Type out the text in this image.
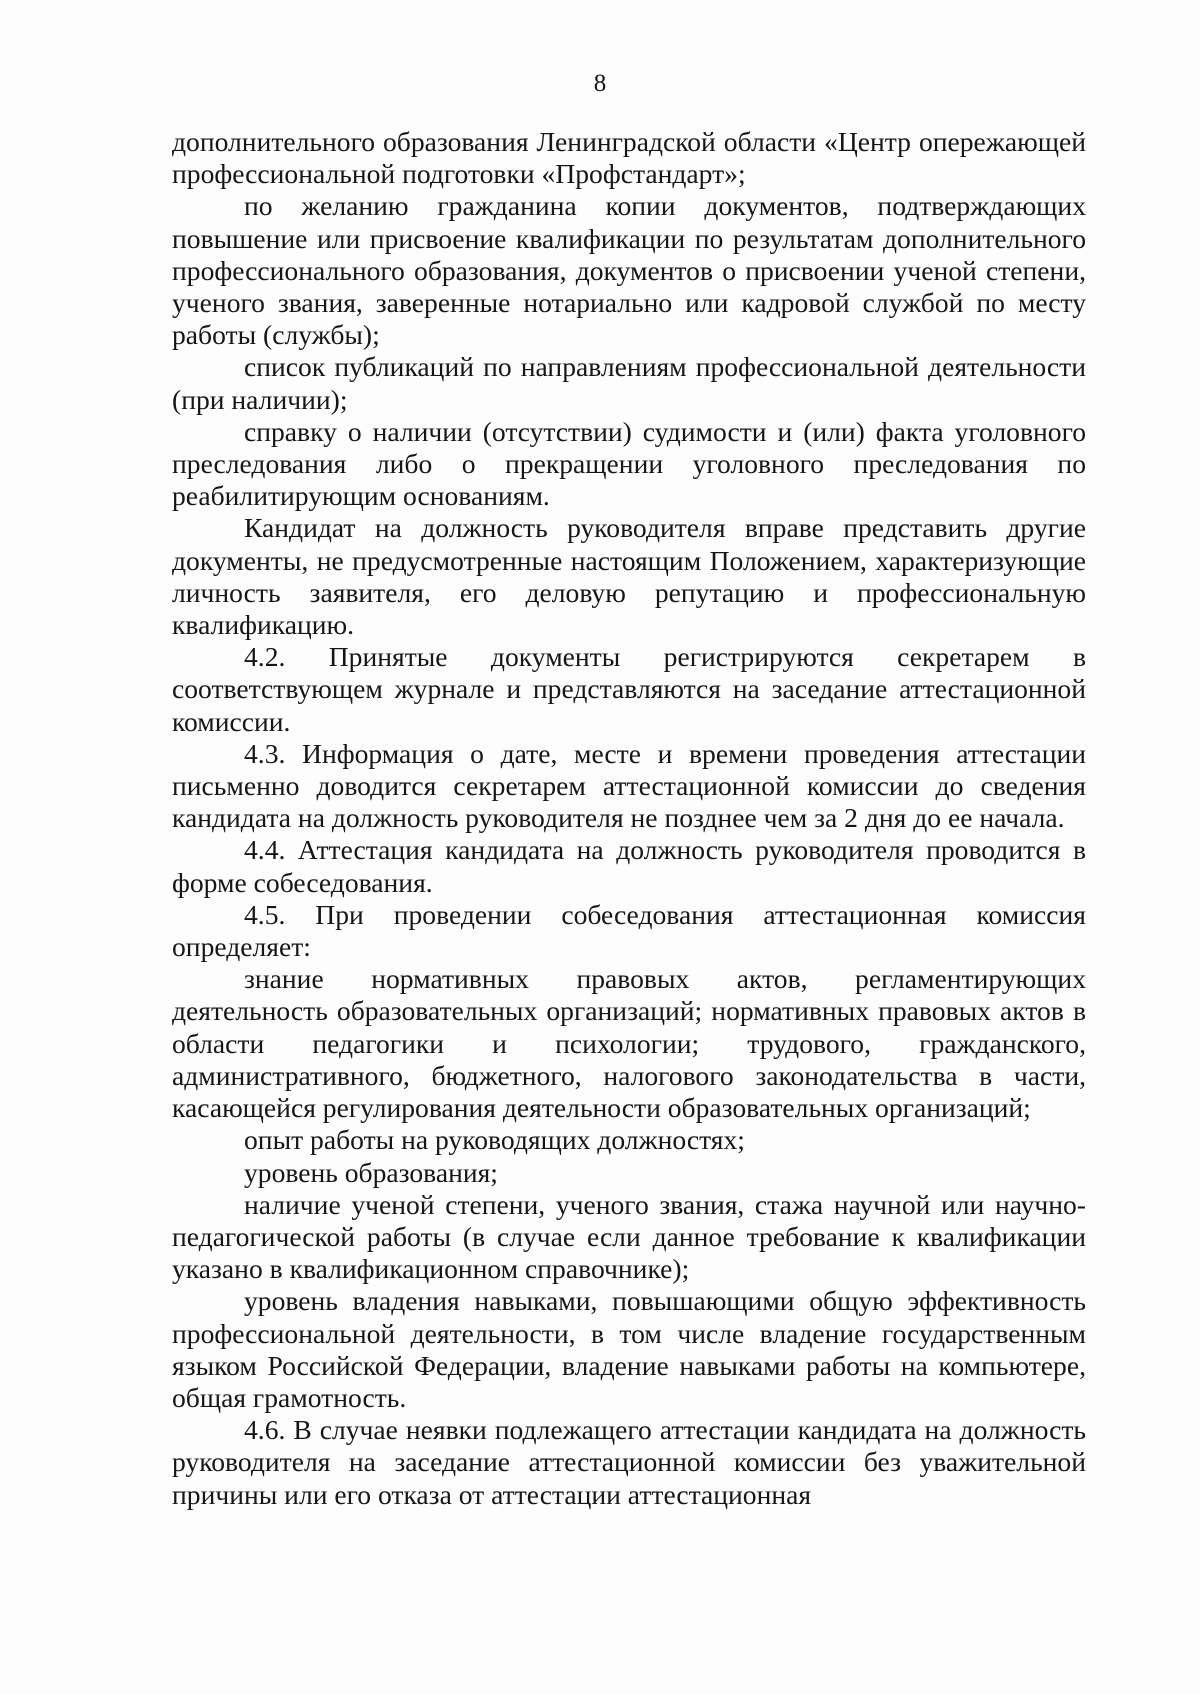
8

дополнительного образования Ленинградской области «Центр опережающей профессиональной подготовки «Профстандарт»;

по желанию гражданина копии документов, подтверждающих повышение или присвоение квалификации по результатам дополнительного профессионального образования, документов о присвоении ученой степени, ученого звания, заверенные нотариально или кадровой службой по месту работы (службы);

список публикаций по направлениям профессиональной деятельности (при наличии);

справку о наличии (отсутствии) судимости и (или) факта уголовного преследования либо о прекращении уголовного преследования по реабилитирующим основаниям.

Кандидат на должность руководителя вправе представить другие документы, не предусмотренные настоящим Положением, характеризующие личность заявителя, его деловую репутацию и профессиональную квалификацию.

4.2. Принятые документы регистрируются секретарем в соответствующем журнале и представляются на заседание аттестационной комиссии.

4.3. Информация о дате, месте и времени проведения аттестации письменно доводится секретарем аттестационной комиссии до сведения кандидата на должность руководителя не позднее чем за 2 дня до ее начала.

4.4. Аттестация кандидата на должность руководителя проводится в форме собеседования.

4.5. При проведении собеседования аттестационная комиссия определяет:

знание нормативных правовых актов, регламентирующих деятельность образовательных организаций; нормативных правовых актов в области педагогики и психологии; трудового, гражданского, административного, бюджетного, налогового законодательства в части, касающейся регулирования деятельности образовательных организаций;

опыт работы на руководящих должностях;

уровень образования;

наличие ученой степени, ученого звания, стажа научной или научно-педагогической работы (в случае если данное требование к квалификации указано в квалификационном справочнике);

уровень владения навыками, повышающими общую эффективность профессиональной деятельности, в том числе владение государственным языком Российской Федерации, владение навыками работы на компьютере, общая грамотность.

4.6. В случае неявки подлежащего аттестации кандидата на должность руководителя на заседание аттестационной комиссии без уважительной причины или его отказа от аттестации аттестационная
